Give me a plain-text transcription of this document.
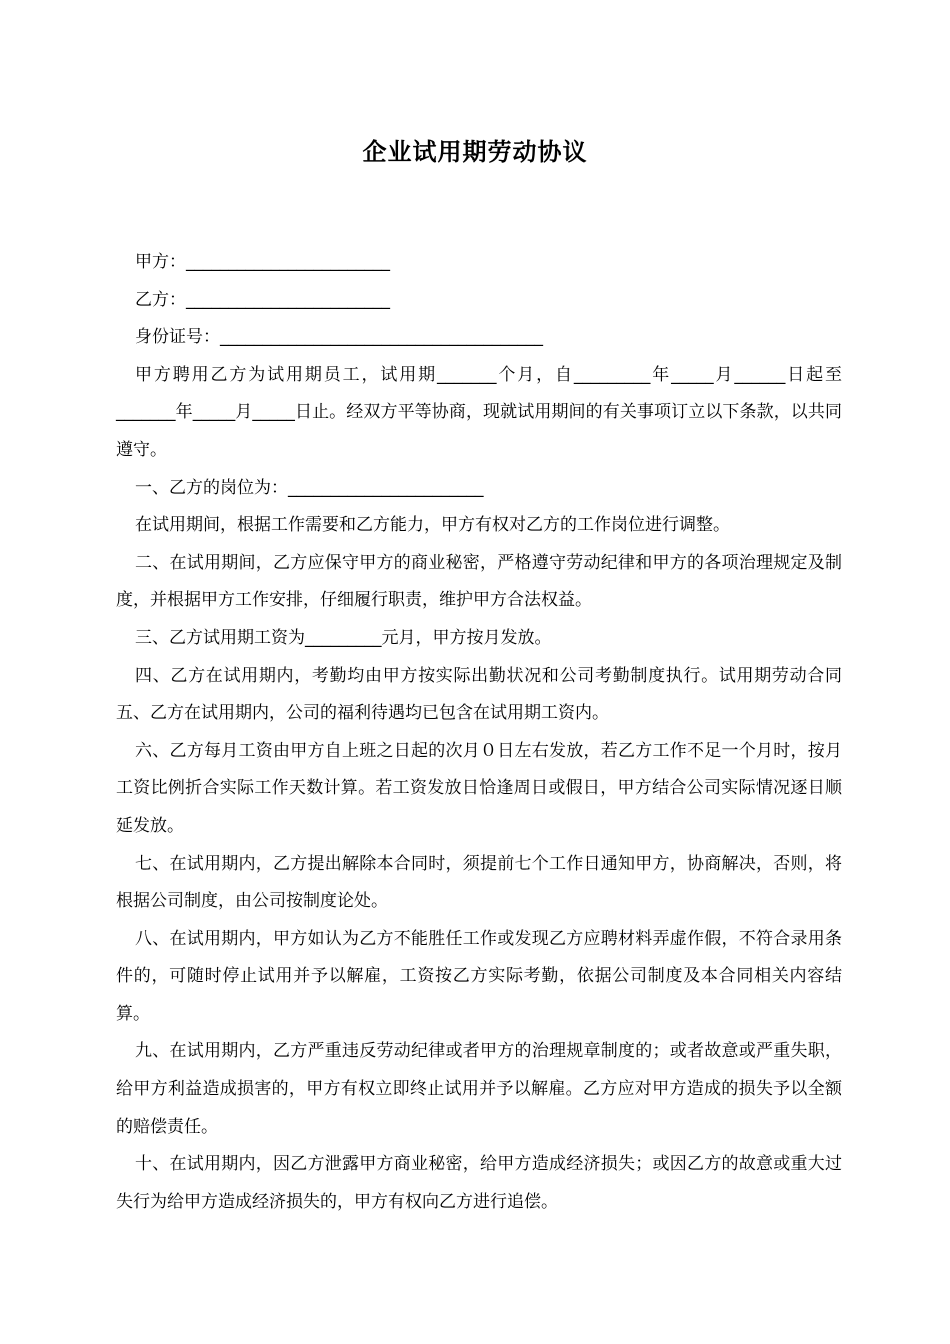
企业试用期劳动协议

甲方：________________________

乙方：________________________

身份证号：______________________________________

甲方聘用乙方为试用期员工，试用期_______个月，自_________年_____月______日起至_______年_____月_____日止。经双方平等协商，现就试用期间的有关事项订立以下条款，以共同遵守。

一、乙方的岗位为：_______________________

在试用期间，根据工作需要和乙方能力，甲方有权对乙方的工作岗位进行调整。

二、在试用期间，乙方应保守甲方的商业秘密，严格遵守劳动纪律和甲方的各项治理规定及制度，并根据甲方工作安排，仔细履行职责，维护甲方合法权益。

三、乙方试用期工资为_________元月，甲方按月发放。

四、乙方在试用期内，考勤均由甲方按实际出勤状况和公司考勤制度执行。试用期劳动合同五、乙方在试用期内，公司的福利待遇均已包含在试用期工资内。

六、乙方每月工资由甲方自上班之日起的次月０日左右发放，若乙方工作不足一个月时，按月工资比例折合实际工作天数计算。若工资发放日恰逢周日或假日，甲方结合公司实际情况逐日顺延发放。

七、在试用期内，乙方提出解除本合同时，须提前七个工作日通知甲方，协商解决，否则，将根据公司制度，由公司按制度论处。

八、在试用期内，甲方如认为乙方不能胜任工作或发现乙方应聘材料弄虚作假，不符合录用条件的，可随时停止试用并予以解雇，工资按乙方实际考勤，依据公司制度及本合同相关内容结算。

九、在试用期内，乙方严重违反劳动纪律或者甲方的治理规章制度的；或者故意或严重失职，给甲方利益造成损害的，甲方有权立即终止试用并予以解雇。乙方应对甲方造成的损失予以全额的赔偿责任。

十、在试用期内，因乙方泄露甲方商业秘密，给甲方造成经济损失；或因乙方的故意或重大过失行为给甲方造成经济损失的，甲方有权向乙方进行追偿。
